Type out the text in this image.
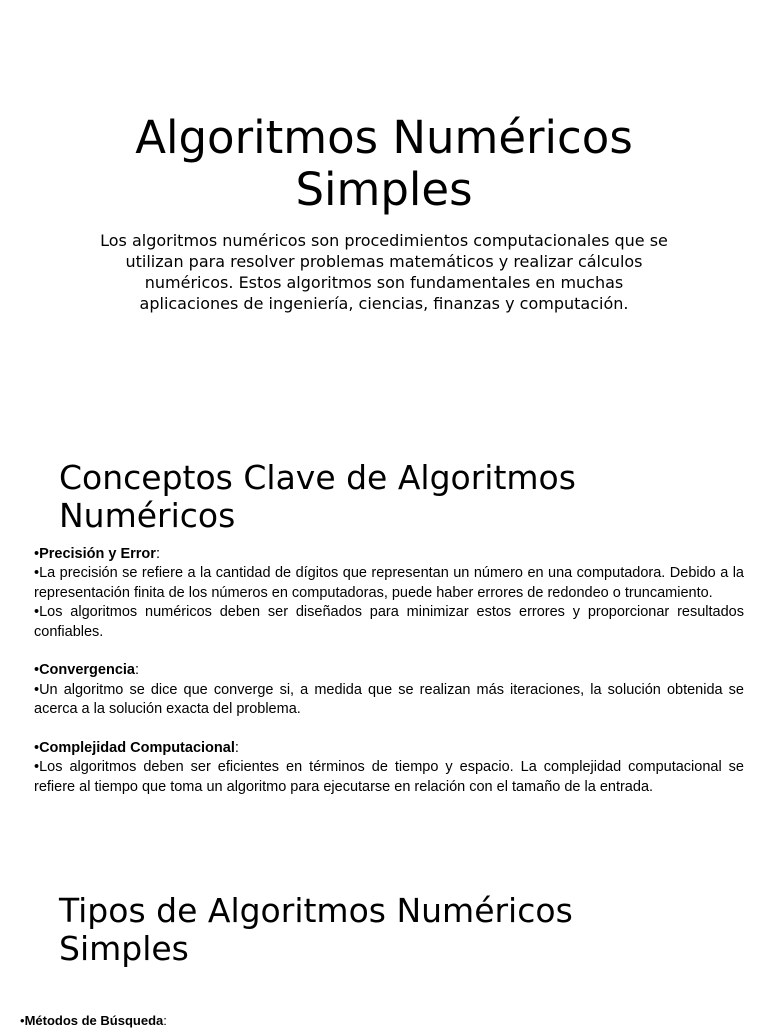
Algoritmos Numéricos
Simples

Los algoritmos numéricos son procedimientos computacionales que se utilizan para resolver problemas matemáticos y realizar cálculos numéricos. Estos algoritmos son fundamentales en muchas aplicaciones de ingeniería, ciencias, finanzas y computación.

Conceptos Clave de Algoritmos
Numéricos

•Precisión y Error:

•La precisión se refiere a la cantidad de dígitos que representan un número en una computadora. Debido a la representación finita de los números en computadoras, puede haber errores de redondeo o truncamiento.

•Los algoritmos numéricos deben ser diseñados para minimizar estos errores y proporcionar resultados confiables.

•Convergencia:

•Un algoritmo se dice que converge si, a medida que se realizan más iteraciones, la solución obtenida se acerca a la solución exacta del problema.

•Complejidad Computacional:

•Los algoritmos deben ser eficientes en términos de tiempo y espacio. La complejidad computacional se refiere al tiempo que toma un algoritmo para ejecutarse en relación con el tamaño de la entrada.

Tipos de Algoritmos Numéricos
Simples
•Métodos de Búsqueda:
